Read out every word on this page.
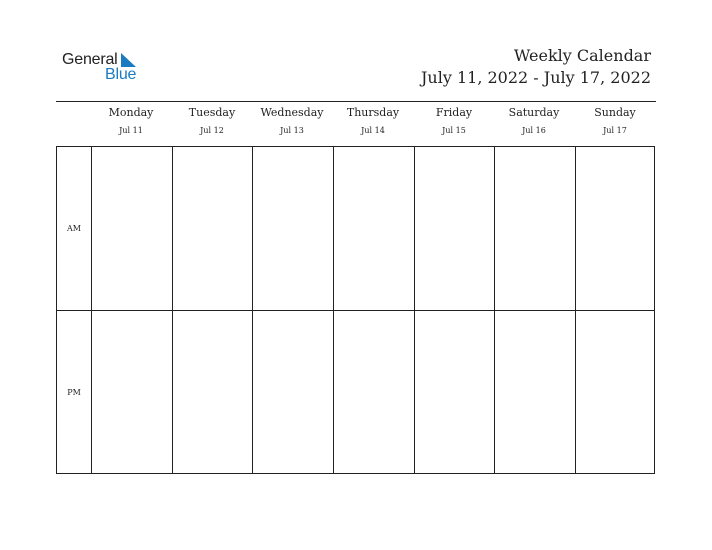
General
Blue
Weekly Calendar
July 11, 2022 - July 17, 2022
Monday
Jul 11
Tuesday
Jul 12
Wednesday
Jul 13
Thursday
Jul 14
Friday
Jul 15
Saturday
Jul 16
Sunday
Jul 17
AM
PM
